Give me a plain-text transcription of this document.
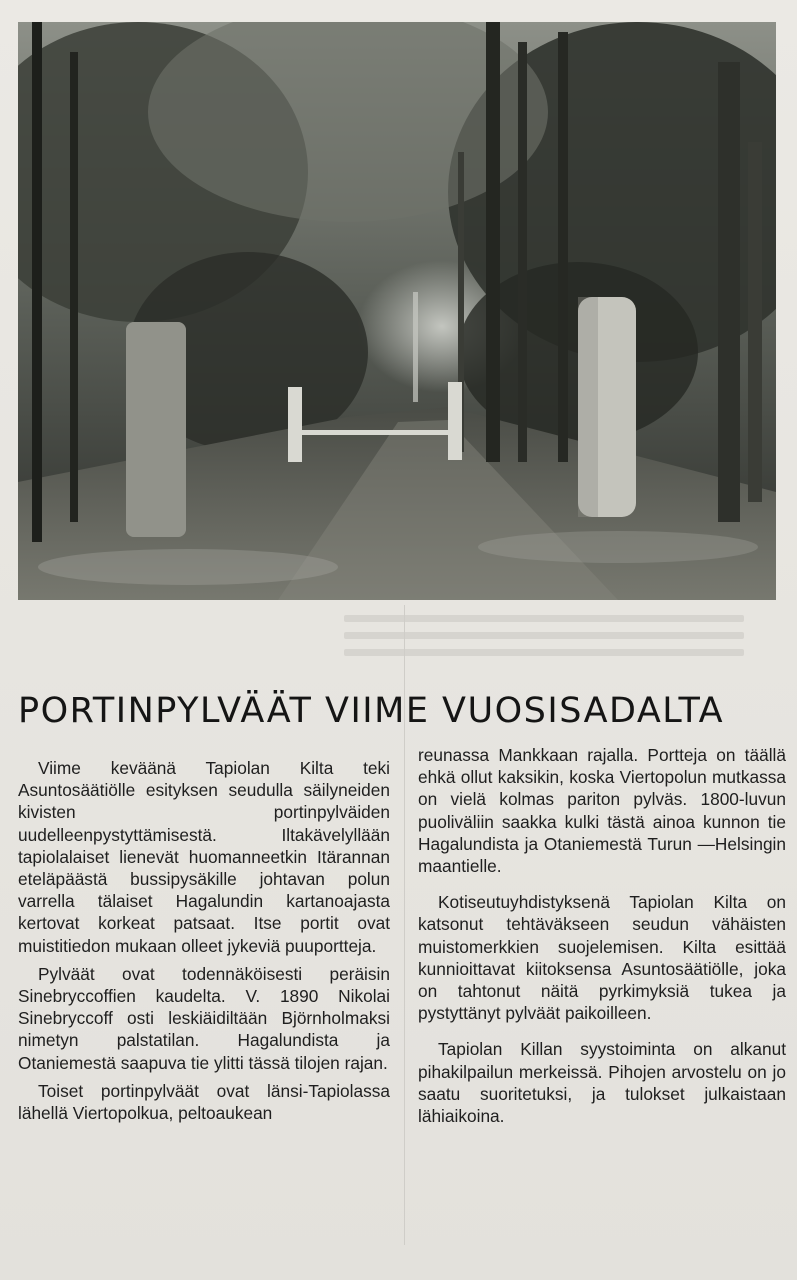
PORTINPYLVÄÄT VIIME VUOSISADALTA

Viime keväänä Tapiolan Kilta teki Asuntosäätiölle esityksen seudulla säilyneiden kivisten portinpylväiden uudelleenpystyttämisestä. Iltakävelyllään tapiolalaiset lienevät huomanneetkin Itärannan eteläpäästä bussipysäkille johtavan polun varrella tälaiset Hagalundin kartanoajasta kertovat korkeat patsaat. Itse portit ovat muistitiedon mukaan olleet jykeviä puuportteja.

Pylväät ovat todennäköisesti peräisin Sinebryccoffien kaudelta. V. 1890 Nikolai Sinebryccoff osti leskiäidiltään Björnholmaksi nimetyn palstatilan. Hagalundista ja Otaniemestä saapuva tie ylitti tässä tilojen rajan.

Toiset portinpylväät ovat länsi-Tapiolassa lähellä Viertopolkua, peltoaukean

reunassa Mankkaan rajalla. Portteja on täällä ehkä ollut kaksikin, koska Viertopolun mutkassa on vielä kolmas pariton pylväs. 1800-luvun puoliväliin saakka kulki tästä ainoa kunnon tie Hagalundista ja Otaniemestä Turun —Helsingin maantielle.

Kotiseutuyhdistyksenä Tapiolan Kilta on katsonut tehtäväkseen seudun vähäisten muistomerkkien suojelemisen. Kilta esittää kunnioittavat kiitoksensa Asuntosäätiölle, joka on tahtonut näitä pyrkimyksiä tukea ja pystyttänyt pylväät paikoilleen.

Tapiolan Killan syystoiminta on alkanut pihakilpailun merkeissä. Pihojen arvostelu on jo saatu suoritetuksi, ja tulokset julkaistaan lähiaikoina.
